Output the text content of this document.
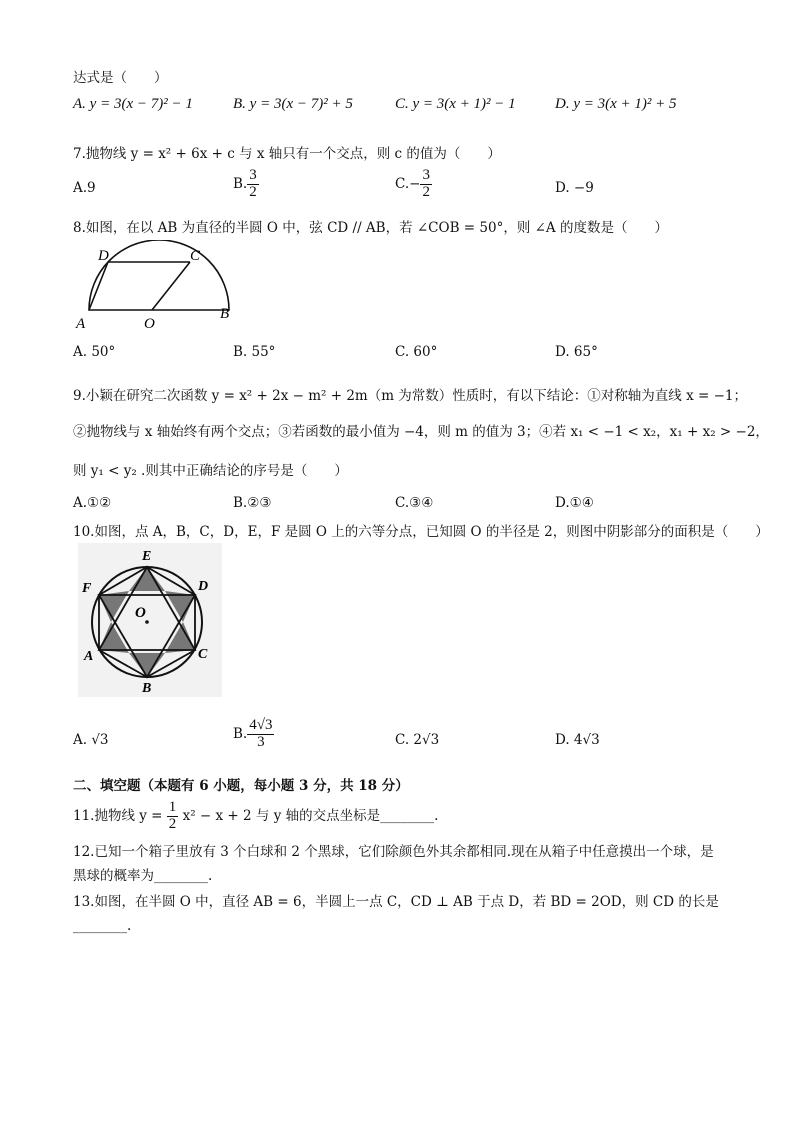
达式是（　　）
A. y = 3(x − 7)² − 1	B. y = 3(x − 7)² + 5	C. y = 3(x + 1)² − 1	D. y = 3(x + 1)² + 5
7.抛物线 y = x² + 6x + c 与 x 轴只有一个交点，则 c 的值为（　　）
A.9	B. $\frac{3}{2}$	$C.- \frac{3}{2}$	D. −9
8.如图，在以 AB 为直径的半圆 O 中，弦 CD // AB，若 ∠COB = 50°，则 ∠A 的度数是（　　）
D	C
A	O
B
A. 50°	B. 55°	C. 60°	D. 65°
9.小颖在研究二次函数 y = x² + 2x − m² + 2m（m 为常数）性质时，有以下结论：①对称轴为直线 x = −1；
②抛物线与 x 轴始终有两个交点；③若函数的最小值为 −4，则 m 的值为 3；④若 x₁ < −1 < x₂，x₁ + x₂ > −2，
则 y₁ < y₂ .则其中正确结论的序号是（　　）
A.①②	B.②③	C.③④	D.①④
10.如图，点 A，B，C，D，E，F 是圆 O 上的六等分点，已知圆 O 的半径是 2，则图中阴影部分的面积是（　　）
O
E
D
C
B
A
F
A. √3	B. $\frac{4√3}{3}$	C. 2√3	D. 4√3
二、填空题（本题有 6 小题，每小题 3 分，共 18 分）
11.抛物线 $y = \frac{1}{2} x^2 - x + 2$ 与 y 轴的交点坐标是________.
12.已知一个箱子里放有 3 个白球和 2 个黑球，它们除颜色外其余都相同.现在从箱子中任意摸出一个球，是
黑球的概率为________.
13.如图，在半圆 O 中，直径 AB = 6，半圆上一点 C，CD ⊥ AB 于点 D，若 BD = 2OD，则 CD 的长是
________.
